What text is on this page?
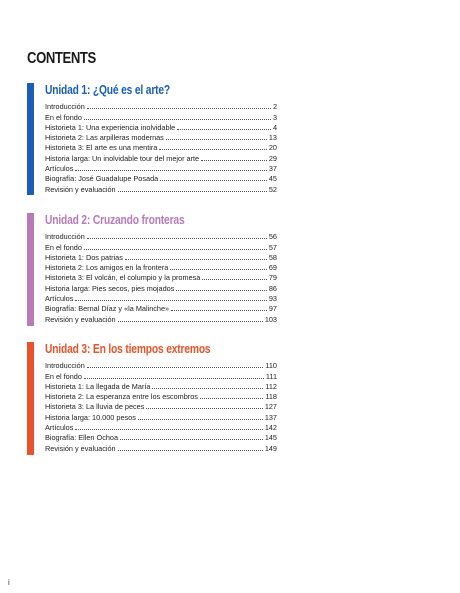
CONTENTS
Unidad 1: ¿Qué es el arte?
Introducción	2
En el fondo	3
Historieta 1: Una experiencia inolvidable	4
Historieta 2: Las arpilleras modernas	13
Historieta 3: El arte es una mentira	20
Historia larga: Un inolvidable tour del mejor arte	29
Artículos	37
Biografía: José Guadalupe Posada	45
Revisión y evaluación	52
Unidad 2: Cruzando fronteras
Introducción	56
En el fondo	57
Historieta 1: Dos patrias	58
Historieta 2: Los amigos en la frontera	69
Historieta 3: El volcán, el columpio y la promesa	79
Historia larga: Pies secos, pies mojados	86
Artículos	93
Biografía: Bernal Díaz y «la Malinche»	97
Revisión y evaluación	103
Unidad 3: En los tiempos extremos
Introducción	110
En el fondo	111
Historieta 1: La llegada de María	112
Historieta 2: La esperanza entre los escombros	118
Historieta 3: La lluvia de peces	127
Historia larga: 10.000 pesos	137
Artículos	142
Biografía: Ellen Ochoa	145
Revisión y evaluación	149
i
